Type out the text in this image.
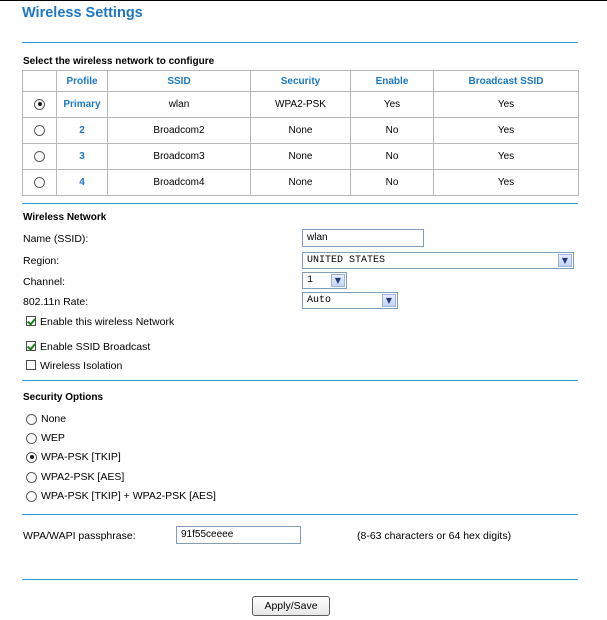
Wireless Settings
Select the wireless network to configure
	Profile	SSID	Security	Enable	Broadcast SSID
	Primary	wlan	WPA2-PSK	Yes	Yes
	2	Broadcom2	None	No	Yes
	3	Broadcom3	None	No	Yes
	4	Broadcom4	None	No	Yes
Wireless Network
Name (SSID):	wlan
Region:	UNITED STATES	▼
Channel:	1	▼
802.11n Rate:	Auto	▼
Enable this wireless Network
Enable SSID Broadcast
Wireless Isolation
Security Options
None
WEP
WPA-PSK [TKIP]
WPA2-PSK [AES]
WPA-PSK [TKIP] + WPA2-PSK [AES]
WPA/WAPI passphrase:	91f55ceeee	(8-63 characters or 64 hex digits)
Apply/Save
